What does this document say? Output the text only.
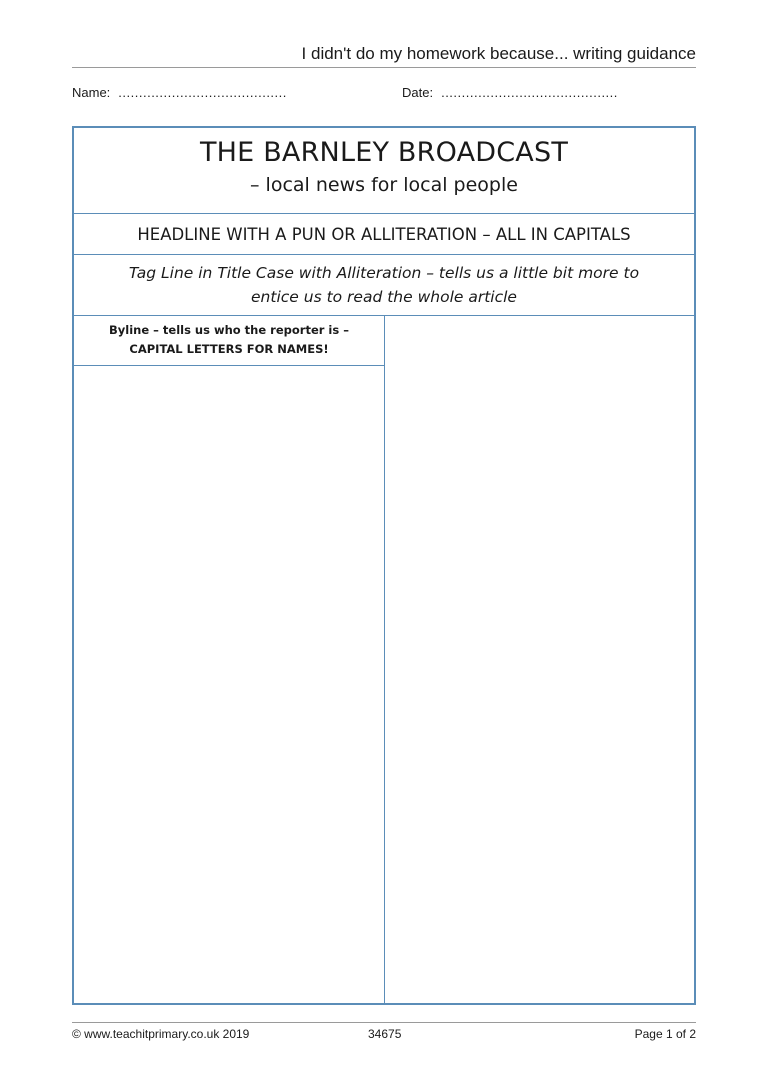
I didn't do my homework because... writing guidance
Name: .........................................	Date: ...........................................
THE BARNLEY BROADCAST
– local news for local people
HEADLINE WITH A PUN OR ALLITERATION – ALL IN CAPITALS
Tag Line in Title Case with Alliteration – tells us a little bit more to
entice us to read the whole article
Byline – tells us who the reporter is –
CAPITAL LETTERS FOR NAMES!
© www.teachitprimary.co.uk 2019	34675	Page 1 of 2
